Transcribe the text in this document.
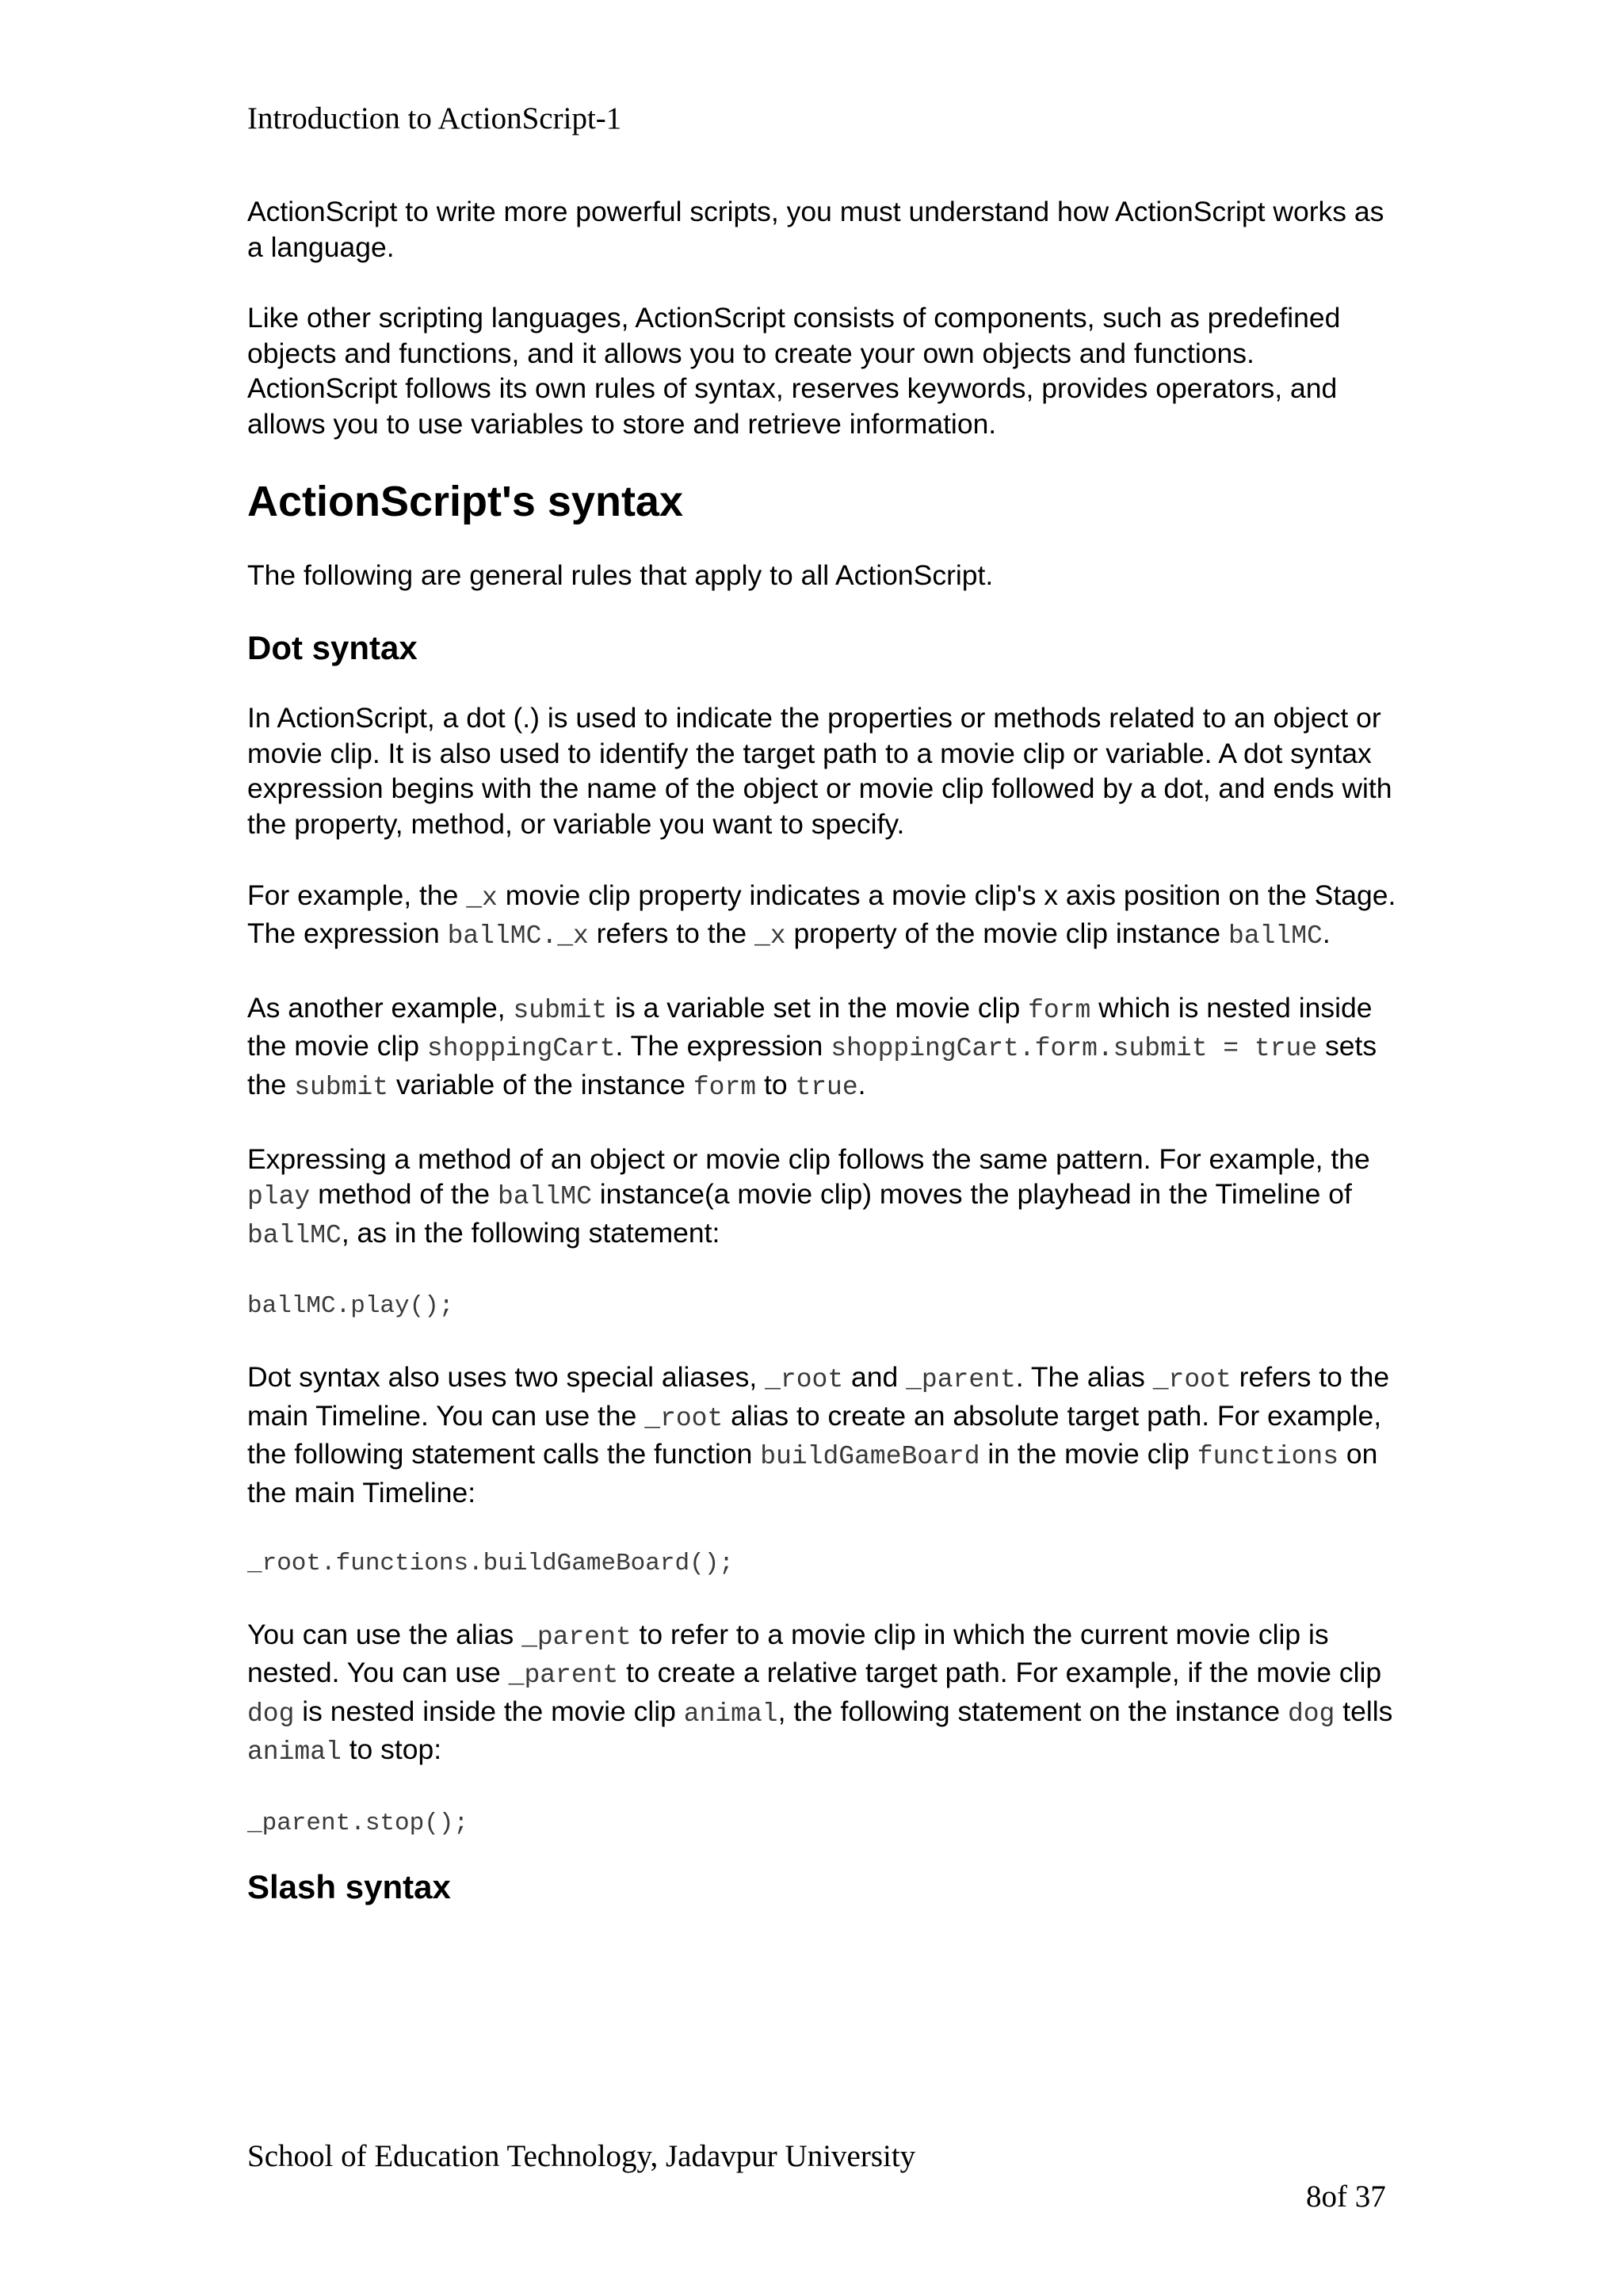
Introduction to ActionScript-1

ActionScript to write more powerful scripts, you must understand how ActionScript works as a language.

Like other scripting languages, ActionScript consists of components, such as predefined objects and functions, and it allows you to create your own objects and functions. ActionScript follows its own rules of syntax, reserves keywords, provides operators, and allows you to use variables to store and retrieve information.

ActionScript's syntax

The following are general rules that apply to all ActionScript.

Dot syntax

In ActionScript, a dot (.) is used to indicate the properties or methods related to an object or movie clip. It is also used to identify the target path to a movie clip or variable. A dot syntax expression begins with the name of the object or movie clip followed by a dot, and ends with the property, method, or variable you want to specify.

For example, the _x movie clip property indicates a movie clip's x axis position on the Stage. The expression ballMC._x refers to the _x property of the movie clip instance ballMC.

As another example, submit is a variable set in the movie clip form which is nested inside the movie clip shoppingCart. The expression shoppingCart.form.submit = true sets the submit variable of the instance form to true.

Expressing a method of an object or movie clip follows the same pattern. For example, the play method of the ballMC instance(a movie clip) moves the playhead in the Timeline of ballMC, as in the following statement:

ballMC.play();

Dot syntax also uses two special aliases, _root and _parent. The alias _root refers to the main Timeline. You can use the _root alias to create an absolute target path. For example, the following statement calls the function buildGameBoard in the movie clip functions on the main Timeline:

_root.functions.buildGameBoard();

You can use the alias _parent to refer to a movie clip in which the current movie clip is nested. You can use _parent to create a relative target path. For example, if the movie clip dog is nested inside the movie clip animal, the following statement on the instance dog tells animal to stop:

_parent.stop();
Slash syntax
School of Education Technology, Jadavpur University
8of 37
